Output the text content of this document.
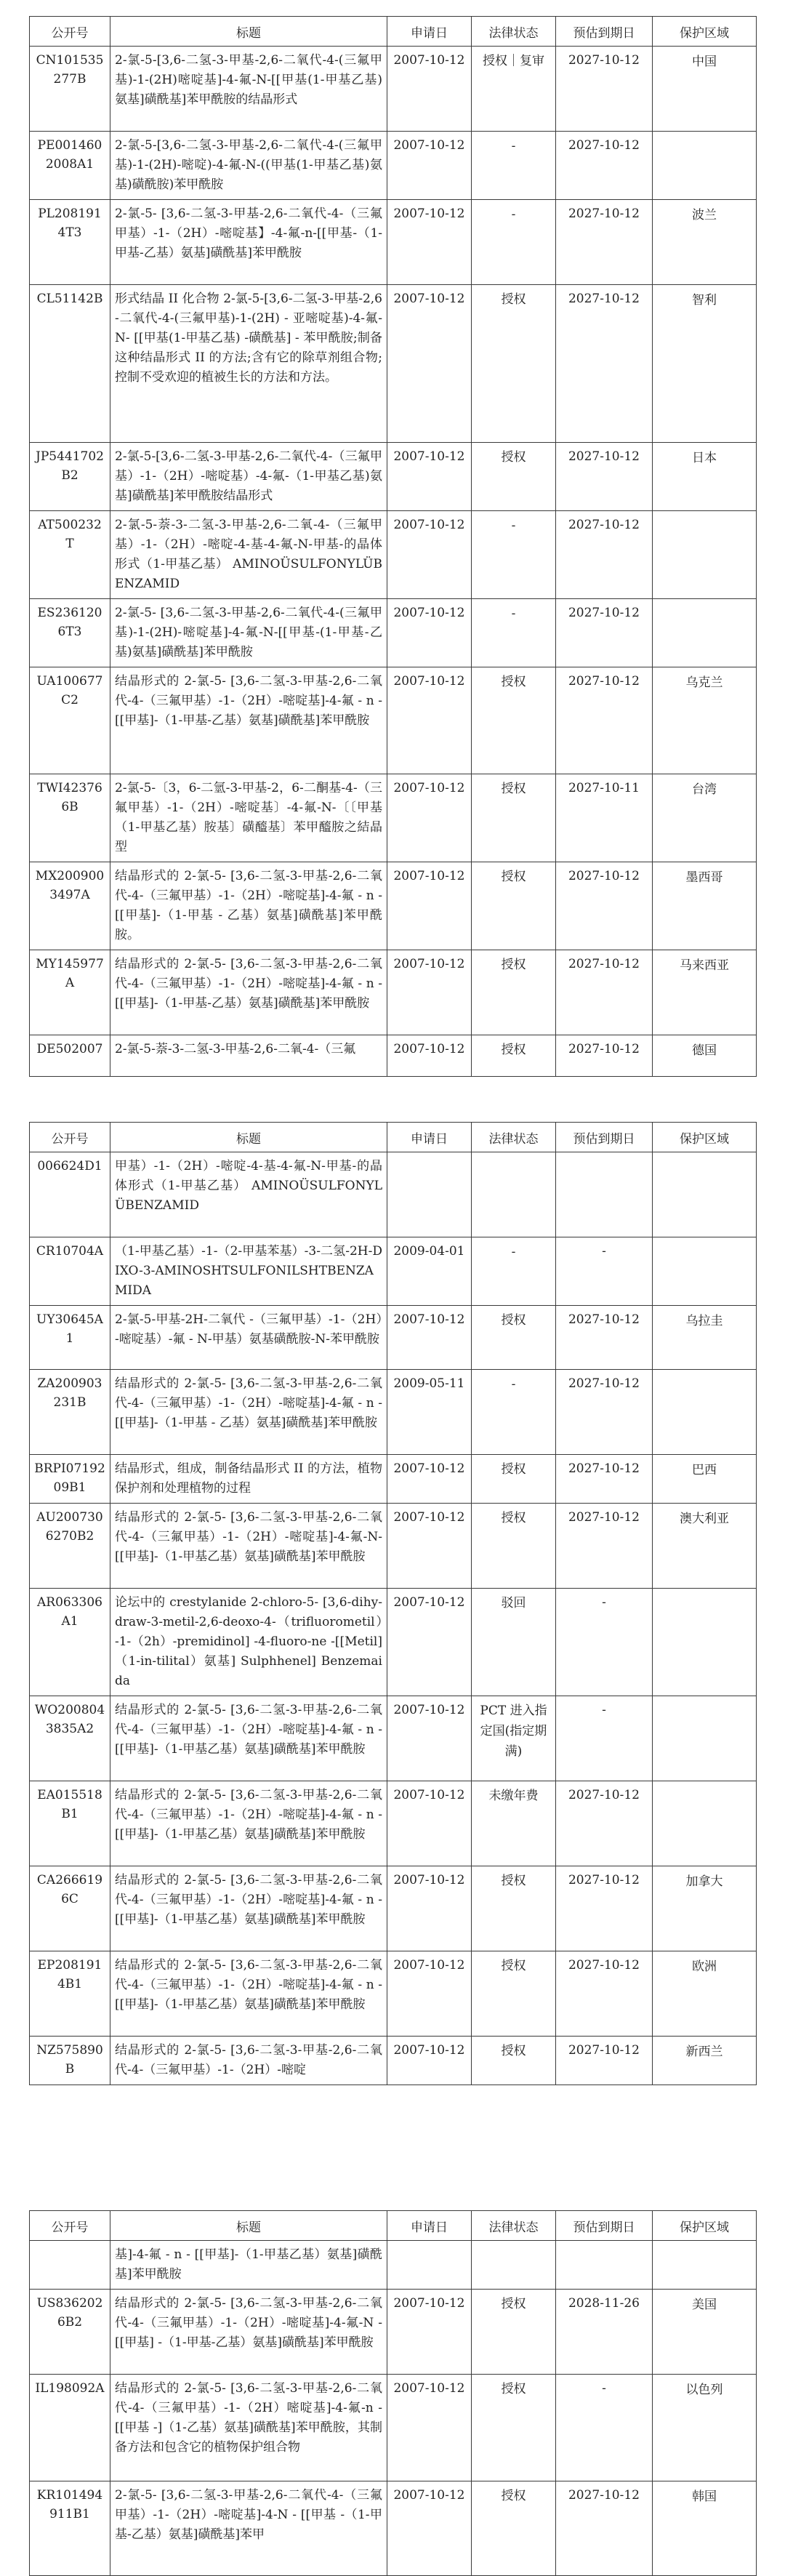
公开号	标题	申请日	法律状态	预估到期日	保护区域
CN101535277B	2-氯-5-[3,6-二氢-3-甲基-2,6-二氧代-4-(三氟甲基)-1-(2H)嘧啶基]-4-氟-N-[[甲基(1-甲基乙基)氨基]磺酰基]苯甲酰胺的结晶形式	2007-10-12	授权｜复审	2027-10-12	中国
PE0014602008A1	2-氯-5-[3,6-二氢-3-甲基-2,6-二氧代-4-(三氟甲基)-1-(2H)-嘧啶)-4-氟-N-((甲基(1-甲基乙基)氨基)磺酰胺)苯甲酰胺	2007-10-12	-	2027-10-12	
PL2081914T3	2-氯-5- [3,6-二氢-3-甲基-2,6-二氧代-4-（三氟甲基）-1-（2H）-嘧啶基】-4-氟-n-[[甲基-（1-甲基-乙基）氨基]磺酰基]苯甲酰胺	2007-10-12	-	2027-10-12	波兰
CL51142B	形式结晶 II 化合物 2-氯-5-[3,6-二氢-3-甲基-2,6-二氧代-4-(三氟甲基)-1-(2H) - 亚嘧啶基)-4-氟-N- [[甲基(1-甲基乙基) -磺酰基] - 苯甲酰胺;制备这种结晶形式 II 的方法;含有它的除草剂组合物;控制不受欢迎的植被生长的方法和方法。	2007-10-12	授权	2027-10-12	智利
JP5441702B2	2-氯-5-[3,6-二氢-3-甲基-2,6-二氧代-4-（三氟甲基）-1-（2H）-嘧啶基）-4-氟-（1-甲基乙基)氨基]磺酰基]苯甲酰胺结晶形式	2007-10-12	授权	2027-10-12	日本
AT500232T	2-氯-5-萘-3-二氢-3-甲基-2,6-二氧-4-（三氟甲基）-1-（2H）-嘧啶-4-基-4-氟-N-甲基-的晶体形式（1-甲基乙基） AMINOÜSULFONYLÜBENZAMID	2007-10-12	-	2027-10-12	
ES2361206T3	2-氯-5- [3,6-二氢-3-甲基-2,6-二氧代-4-(三氟甲基)-1-(2H)-嘧啶基]-4-氟-N-[[甲基-(1-甲基-乙基)氨基]磺酰基]苯甲酰胺	2007-10-12	-	2027-10-12	
UA100677C2	结晶形式的 2-氯-5- [3,6-二氢-3-甲基-2,6-二氧代-4-（三氟甲基）-1-（2H）-嘧啶基]-4-氟 - n - [[甲基]-（1-甲基-乙基）氨基]磺酰基]苯甲酰胺	2007-10-12	授权	2027-10-12	乌克兰
TWI423766B	2-氯-5-〔3，6-二氫-3-甲基-2，6-二酮基-4-（三氟甲基）-1-（2H）-嘧啶基〕-4-氟-N-〔〔甲基（1-甲基乙基）胺基〕磺醯基〕苯甲醯胺之結晶型	2007-10-12	授权	2027-10-11	台湾
MX2009003497A	结晶形式的 2-氯-5- [3,6-二氢-3-甲基-2,6-二氧代-4-（三氟甲基）-1-（2H）-嘧啶基]-4-氟 - n - [[甲基]-（1-甲基 - 乙基）氨基]磺酰基]苯甲酰胺。	2007-10-12	授权	2027-10-12	墨西哥
MY145977A	结晶形式的 2-氯-5- [3,6-二氢-3-甲基-2,6-二氧代-4-（三氟甲基）-1-（2H）-嘧啶基]-4-氟 - n - [[甲基]-（1-甲基-乙基）氨基]磺酰基]苯甲酰胺	2007-10-12	授权	2027-10-12	马来西亚
DE502007	2-氯-5-萘-3-二氢-3-甲基-2,6-二氧-4-（三氟	2007-10-12	授权	2027-10-12	德国
公开号	标题	申请日	法律状态	预估到期日	保护区域
006624D1	甲基）-1-（2H）-嘧啶-4-基-4-氟-N-甲基-的晶体形式（1-甲基乙基） AMINOÜSULFONYLÜBENZAMID				
CR10704A	（1-甲基乙基）-1-（2-甲基苯基）-3-二氢-2H-DIXO-3-AMINOSHTSULFONILSHTBENZAMIDA	2009-04-01	-	-	
UY30645A1	2-氯-5-甲基-2H-二氧代 -（三氟甲基）-1-（2H）-嘧啶基）-氟 - N-甲基）氨基磺酰胺-N-苯甲酰胺	2007-10-12	授权	2027-10-12	乌拉圭
ZA200903231B	结晶形式的 2-氯-5- [3,6-二氢-3-甲基-2,6-二氧代-4-（三氟甲基）-1-（2H）-嘧啶基]-4-氟 - n - [[甲基]-（1-甲基 - 乙基）氨基]磺酰基]苯甲酰胺	2009-05-11	-	2027-10-12	
BRPI0719209B1	结晶形式，组成，制备结晶形式 II 的方法，植物保护剂和处理植物的过程	2007-10-12	授权	2027-10-12	巴西
AU2007306270B2	结晶形式的 2-氯-5- [3,6-二氢-3-甲基-2,6-二氧代-4-（三氟甲基）-1-（2H）-嘧啶基]-4-氟-N- [[甲基]-（1-甲基乙基）氨基]磺酰基]苯甲酰胺	2007-10-12	授权	2027-10-12	澳大利亚
AR063306A1	论坛中的 crestylanide 2-chloro-5- [3,6-dihy-draw-3-metil-2,6-deoxo-4-（trifluorometil）-1-（2h）-premidinol] -4-fluoro-ne -[[Metil]（1-in-tilital）氨基] Sulphhenel] Benzemaida	2007-10-12	驳回	-	
WO2008043835A2	结晶形式的 2-氯-5- [3,6-二氢-3-甲基-2,6-二氧代-4-（三氟甲基）-1-（2H）-嘧啶基]-4-氟 - n - [[甲基]-（1-甲基乙基）氨基]磺酰基]苯甲酰胺	2007-10-12	PCT 进入指定国(指定期满)	-	
EA015518B1	结晶形式的 2-氯-5- [3,6-二氢-3-甲基-2,6-二氧代-4-（三氟甲基）-1-（2H）-嘧啶基]-4-氟 - n - [[甲基]-（1-甲基乙基）氨基]磺酰基]苯甲酰胺	2007-10-12	未缴年费	2027-10-12	
CA2666196C	结晶形式的 2-氯-5- [3,6-二氢-3-甲基-2,6-二氧代-4-（三氟甲基）-1-（2H）-嘧啶基]-4-氟 - n - [[甲基]-（1-甲基乙基）氨基]磺酰基]苯甲酰胺	2007-10-12	授权	2027-10-12	加拿大
EP2081914B1	结晶形式的 2-氯-5- [3,6-二氢-3-甲基-2,6-二氧代-4-（三氟甲基）-1-（2H）-嘧啶基]-4-氟 - n - [[甲基]-（1-甲基乙基）氨基]磺酰基]苯甲酰胺	2007-10-12	授权	2027-10-12	欧洲
NZ575890B	结晶形式的 2-氯-5- [3,6-二氢-3-甲基-2,6-二氧代-4-（三氟甲基）-1-（2H）-嘧啶	2007-10-12	授权	2027-10-12	新西兰
公开号	标题	申请日	法律状态	预估到期日	保护区域
	基]-4-氟 - n - [[甲基]-（1-甲基乙基）氨基]磺酰基]苯甲酰胺				
US8362026B2	结晶形式的 2-氯-5- [3,6-二氢-3-甲基-2,6-二氧代-4-（三氟甲基）-1-（2H）-嘧啶基]-4-氟-N - [[甲基] -（1-甲基-乙基）氨基]磺酰基]苯甲酰胺	2007-10-12	授权	2028-11-26	美国
IL198092A	结晶形式的 2-氯-5- [3,6-二氢-3-甲基-2,6-二氧代-4-（三氟甲基）-1-（2H）嘧啶基]-4-氟-n - [[甲基 -]（1-乙基）氨基]磺酰基]苯甲酰胺，其制备方法和包含它的植物保护组合物	2007-10-12	授权	-	以色列
KR101494911B1	2-氯-5- [3,6-二氢-3-甲基-2,6-二氧代-4-（三氟甲基）-1-（2H）-嘧啶基]-4-N - [[甲基 -（1-甲基-乙基）氨基]磺酰基]苯甲	2007-10-12	授权	2027-10-12	韩国
